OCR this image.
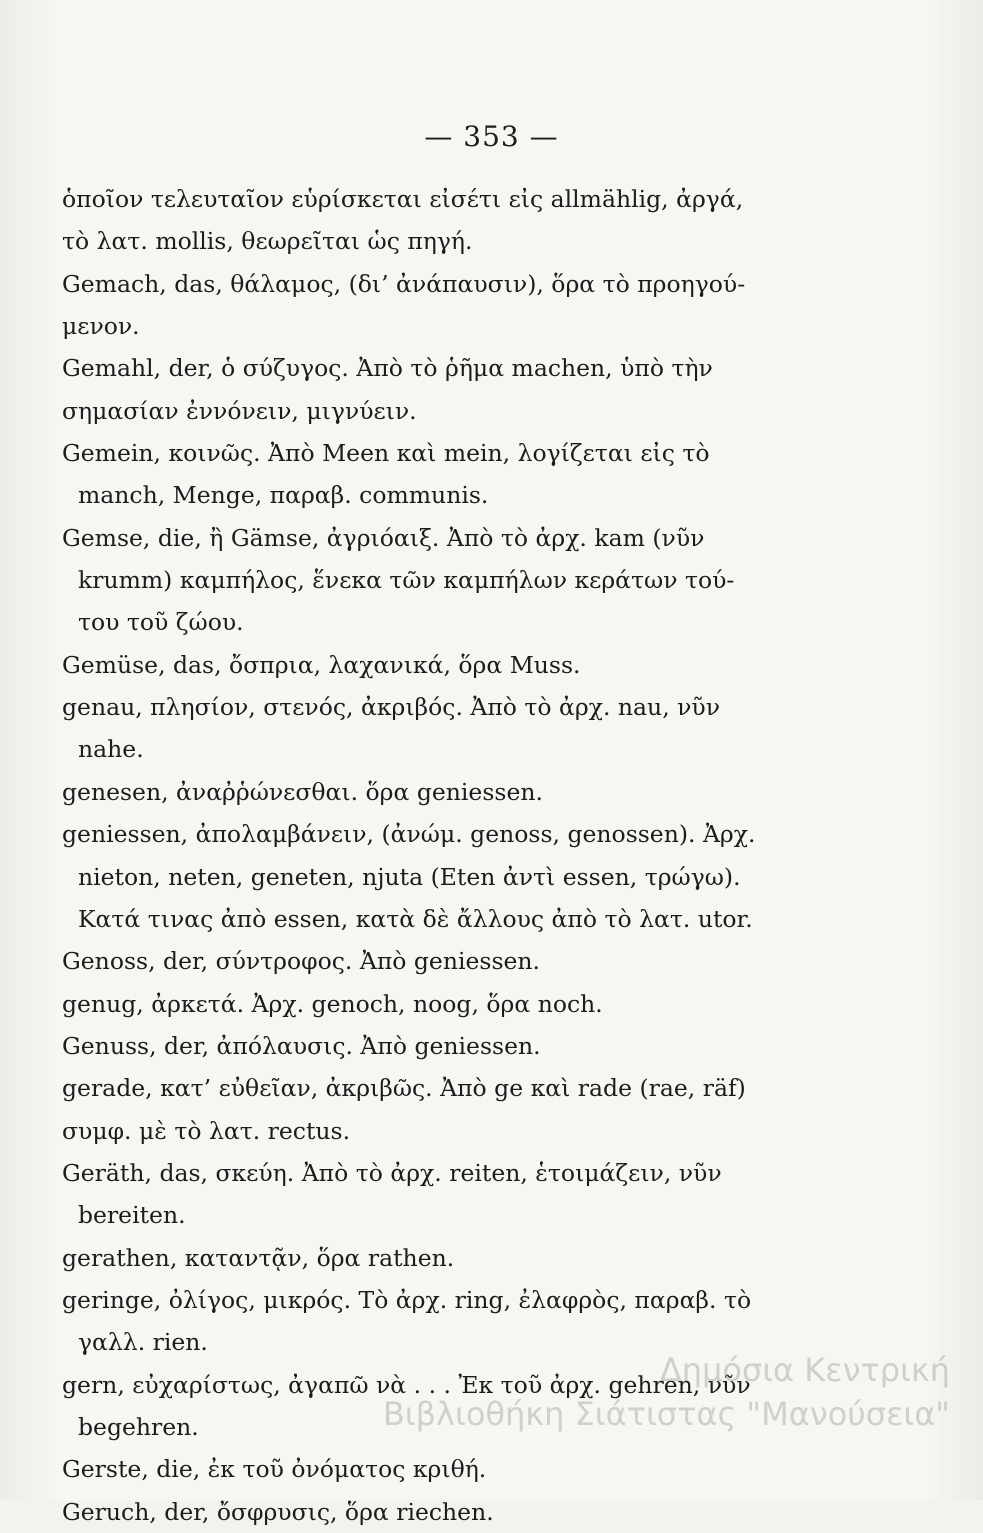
— 353 —
ὁποῖον τελευταῖον εὑρίσκεται εἰσέτι εἰς allmählig, ἀργά,
τὸ λατ. mollis, θεωρεῖται ὡς πηγή.
Gemach, das, θάλαμος, (δι’ ἀνάπαυσιν), ὅρα τὸ προηγού-
μενον.
Gemahl, der, ὁ σύζυγος. Ἀπὸ τὸ ῥῆμα machen, ὑπὸ τὴν
σημασίαν ἐννόνειν, μιγνύειν.
Gemein, κοινῶς. Ἀπὸ Meen καὶ mein, λογίζεται εἰς τὸ
manch, Menge, παραβ. communis.
Gemse, die, ἢ Gämse, ἀγριόαιξ. Ἀπὸ τὸ ἀρχ. kam (νῦν
krumm) καμπήλος, ἕνεκα τῶν καμπήλων κεράτων τού-
του τοῦ ζώου.
Gemüse, das, ὄσπρια, λαχανικά, ὅρα Muss.
genau, πλησίον, στενός, ἀκριβός. Ἀπὸ τὸ ἀρχ. nau, νῦν
nahe.
genesen, ἀναῤῥώνεσθαι. ὅρα geniessen.
geniessen, ἀπολαμβάνειν, (ἀνώμ. genoss, genossen). Ἀρχ.
nieton, neten, geneten, njuta (Eten ἀντὶ essen, τρώγω).
Κατά τινας ἀπὸ essen, κατὰ δὲ ἄλλους ἀπὸ τὸ λατ. utor.
Genoss, der, σύντροφος. Ἀπὸ geniessen.
genug, ἀρκετά. Ἀρχ. genoch, noog, ὅρα noch.
Genuss, der, ἀπόλαυσις. Ἀπὸ geniessen.
gerade, κατ’ εὐθεῖαν, ἀκριβῶς. Ἀπὸ ge καὶ rade (rae, räf)
συμφ. μὲ τὸ λατ. rectus.
Geräth, das, σκεύη. Ἀπὸ τὸ ἀρχ. reiten, ἑτοιμάζειν, νῦν
bereiten.
gerathen, καταντᾷν, ὅρα rathen.
geringe, ὀλίγος, μικρός. Τὸ ἀρχ. ring, ἐλαφρὸς, παραβ. τὸ
γαλλ. rien.
gern, εὐχαρίστως, ἀγαπῶ νὰ . . . Ἐκ τοῦ ἀρχ. gehren, νῦν
begehren.
Gerste, die, ἐκ τοῦ ὀνόματος κριθή.
Geruch, der, ὄσφρυσις, ὅρα riechen.
Δημόσια Κεντρική
Βιβλιοθήκη Σιάτιστας "Μανούσεια"
